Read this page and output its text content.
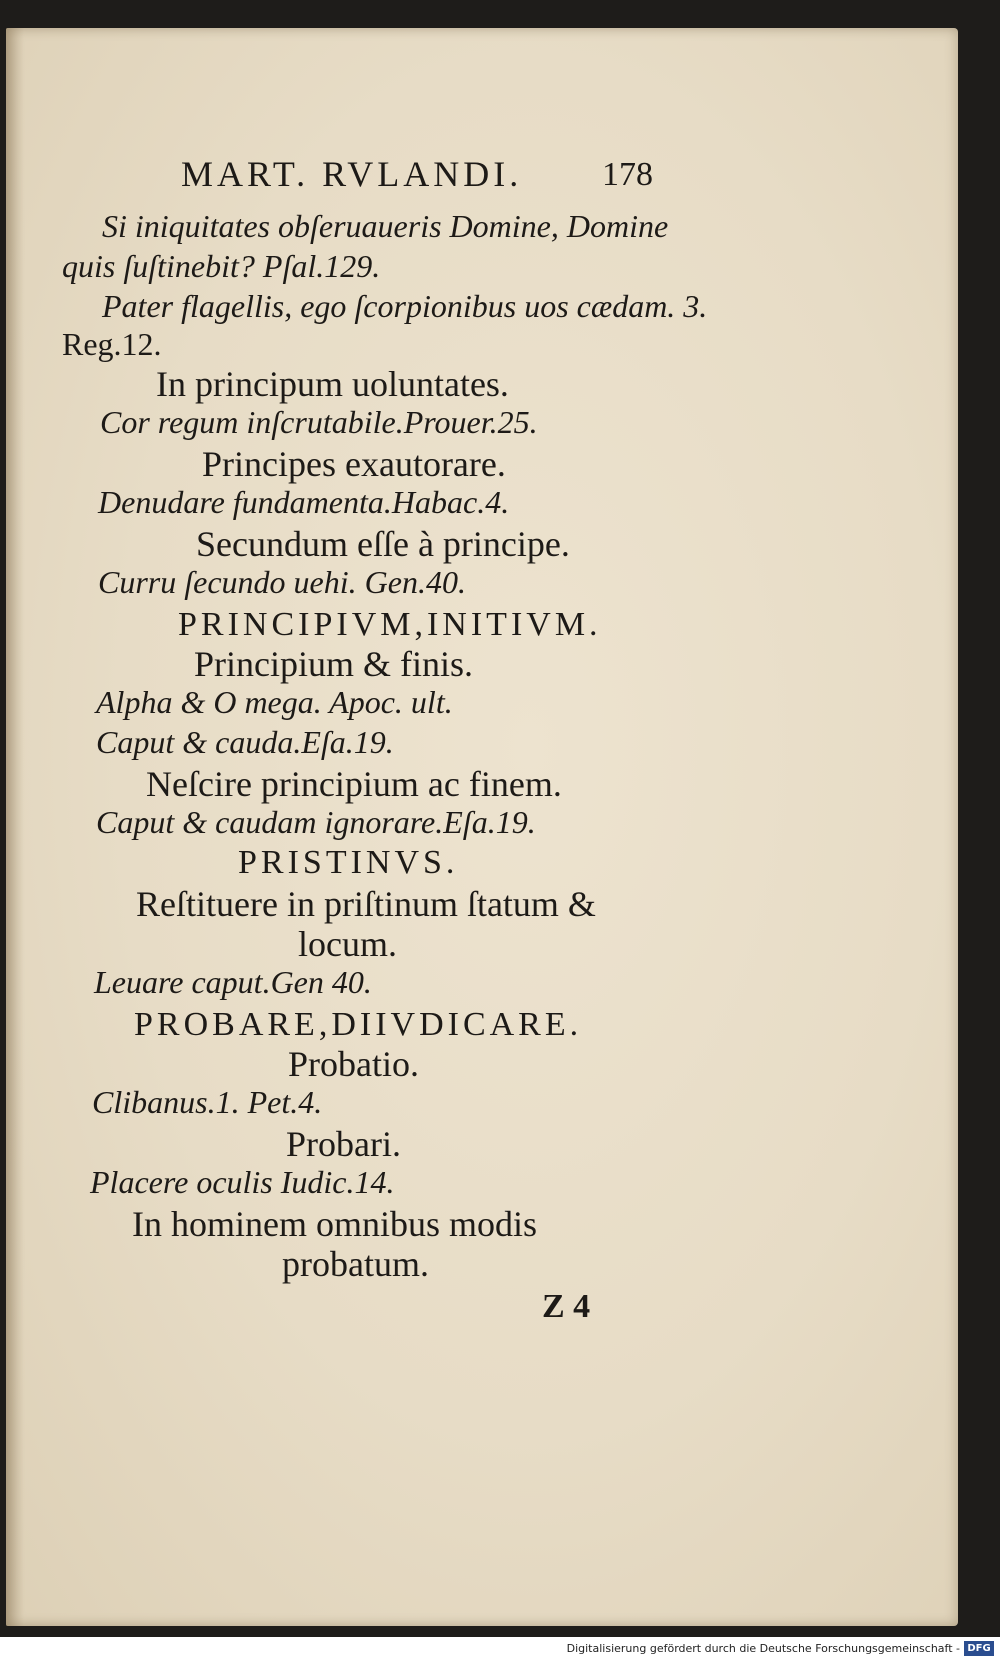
MART. RVLANDI. 178
Si iniquitates obſeruaueris Domine, Domine
quis ſuſtinebit? Pſal.129.
Pater flagellis, ego ſcorpionibus uos cædam. 3.
Reg.12.
In principum uoluntates.
Cor regum inſcrutabile.Prouer.25.
Principes exautorare.
Denudare fundamenta.Habac.4.
Secundum eſſe à principe.
Curru ſecundo uehi. Gen.40.
PRINCIPIVM,INITIVM.
Principium & finis.
Alpha & O mega. Apoc. ult.
Caput & cauda.Eſa.19.
Neſcire principium ac finem.
Caput & caudam ignorare.Eſa.19.
PRISTINVS.
Reſtituere in priſtinum ſtatum &
locum.
Leuare caput.Gen 40.
PROBARE,DIIVDICARE.
Probatio.
Clibanus.1. Pet.4.
Probari.
Placere oculis Iudic.14.
In hominem omnibus modis
probatum.
Z 4
Digitalisierung gefördert durch die Deutsche Forschungsgemeinschaft - DFG
